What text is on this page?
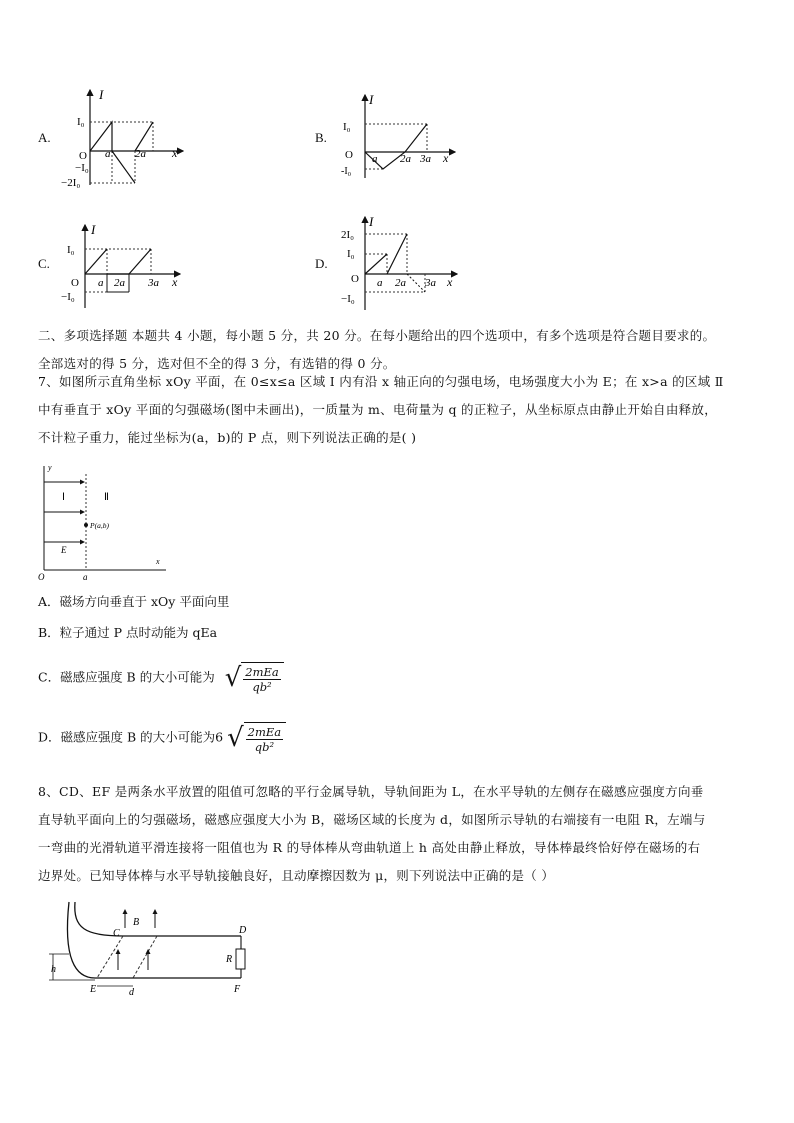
A.
I
I₀
O
−I₀
−2I₀
a 2a x
B.
I
I₀
O
-I₀
a 2a 3a x
C.
I
I₀
O
−I₀
a 2a 3a x
D.
I
2I₀
I₀
O
−I₀
a 2a 3a x
二、多项选择题 本题共 4 小题，每小题 5 分，共 20 分。在每小题给出的四个选项中，有多个选项是符合题目要求的。
全部选对的得 5 分，选对但不全的得 3 分，有选错的得 0 分。
7、如图所示直角坐标 xOy 平面，在 0≤x≤a 区域 Ⅰ 内有沿 x 轴正向的匀强电场，电场强度大小为 E；在 x>a 的区域 Ⅱ
中有垂直于 xOy 平面的匀强磁场(图中未画出)，一质量为 m、电荷量为 q 的正粒子，从坐标原点由静止开始自由释放，
不计粒子重力，能过坐标为(a，b)的 P 点，则下列说法正确的是( )
y
x
O	a
Ⅰ	Ⅱ
E
P(a,b)
A．磁场方向垂直于 xOy 平面向里
B．粒子通过 P 点时动能为 qEa
C．磁感应强度 B 的大小可能为 √ $\frac{\text{2mEa}}{\text{qb²}}$
D．磁感应强度 B 的大小可能为6 √ $\frac{\text{2mEa}}{\text{qb²}}$
8、CD、EF 是两条水平放置的阻值可忽略的平行金属导轨，导轨间距为 L，在水平导轨的左侧存在磁感应强度方向垂
直导轨平面向上的匀强磁场，磁感应强度大小为 B，磁场区域的长度为 d，如图所示导轨的右端接有一电阻 R，左端与
一弯曲的光滑轨道平滑连接将一阻值也为 R 的导体棒从弯曲轨道上 h 高处由静止释放，导体棒最终恰好停在磁场的右
边界处。已知导体棒与水平导轨接触良好，且动摩擦因数为 μ，则下列说法中正确的是（ ）
R
B
C	D
E	F
h
d
